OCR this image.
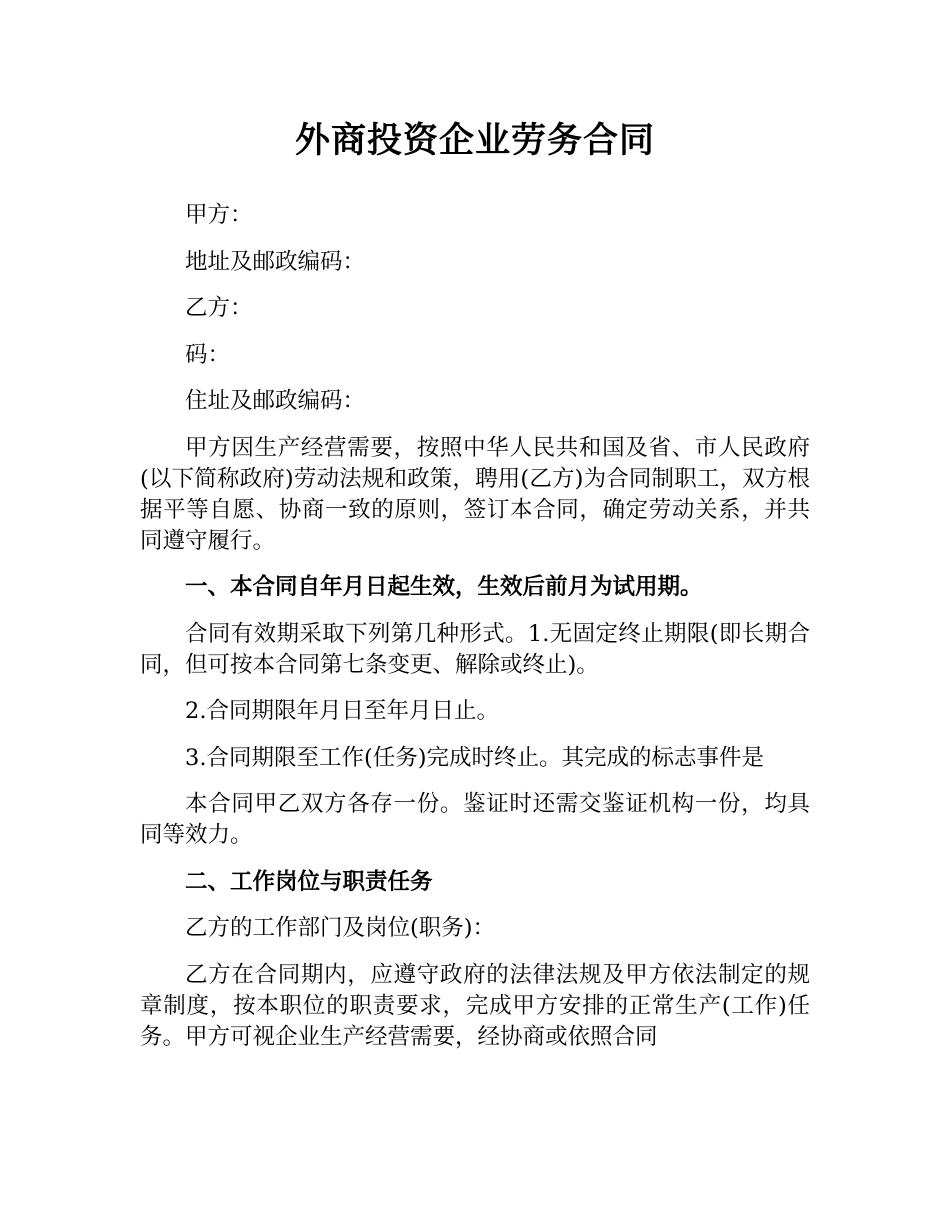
外商投资企业劳务合同

甲方：

地址及邮政编码：

乙方：

码：

住址及邮政编码：

甲方因生产经营需要，按照中华人民共和国及省、市人民政府(以下简称政府)劳动法规和政策，聘用(乙方)为合同制职工，双方根据平等自愿、协商一致的原则，签订本合同，确定劳动关系，并共同遵守履行。

一、本合同自年月日起生效，生效后前月为试用期。

合同有效期采取下列第几种形式。1.无固定终止期限(即长期合同，但可按本合同第七条变更、解除或终止)。

2.合同期限年月日至年月日止。

3.合同期限至工作(任务)完成时终止。其完成的标志事件是

本合同甲乙双方各存一份。鉴证时还需交鉴证机构一份，均具同等效力。

二、工作岗位与职责任务

乙方的工作部门及岗位(职务)：

乙方在合同期内，应遵守政府的法律法规及甲方依法制定的规章制度，按本职位的职责要求，完成甲方安排的正常生产(工作)任务。甲方可视企业生产经营需要，经协商或依照合同
